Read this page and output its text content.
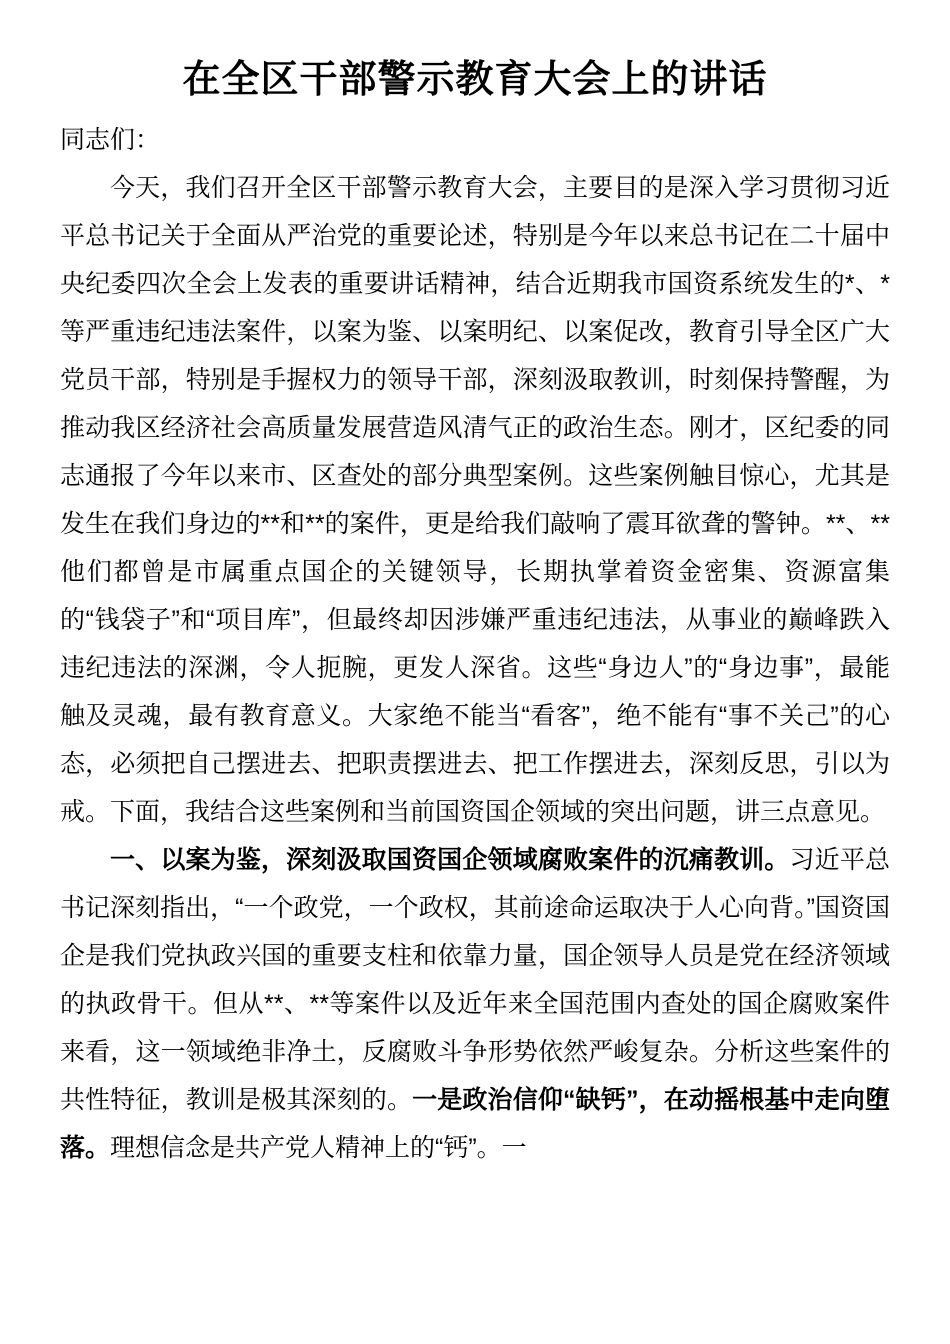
在全区干部警示教育大会上的讲话

同志们：

今天，我们召开全区干部警示教育大会，主要目的是深入学习贯彻习近平总书记关于全面从严治党的重要论述，特别是今年以来总书记在二十届中央纪委四次全会上发表的重要讲话精神，结合近期我市国资系统发生的*、*等严重违纪违法案件，以案为鉴、以案明纪、以案促改，教育引导全区广大党员干部，特别是手握权力的领导干部，深刻汲取教训，时刻保持警醒，为推动我区经济社会高质量发展营造风清气正的政治生态。刚才，区纪委的同志通报了今年以来市、区查处的部分典型案例。这些案例触目惊心，尤其是发生在我们身边的**和**的案件，更是给我们敲响了震耳欲聋的警钟。**、**他们都曾是市属重点国企的关键领导，长期执掌着资金密集、资源富集的“钱袋子”和“项目库”，但最终却因涉嫌严重违纪违法，从事业的巅峰跌入违纪违法的深渊，令人扼腕，更发人深省。这些“身边人”的“身边事”，最能触及灵魂，最有教育意义。大家绝不能当“看客”，绝不能有“事不关己”的心态，必须把自己摆进去、把职责摆进去、把工作摆进去，深刻反思，引以为戒。下面，我结合这些案例和当前国资国企领域的突出问题，讲三点意见。

一、以案为鉴，深刻汲取国资国企领域腐败案件的沉痛教训。习近平总书记深刻指出，“一个政党，一个政权，其前途命运取决于人心向背。”国资国企是我们党执政兴国的重要支柱和依靠力量，国企领导人员是党在经济领域的执政骨干。但从**、**等案件以及近年来全国范围内查处的国企腐败案件来看，这一领域绝非净土，反腐败斗争形势依然严峻复杂。分析这些案件的共性特征，教训是极其深刻的。一是政治信仰“缺钙”，在动摇根基中走向堕落。理想信念是共产党人精神上的“钙”。一
